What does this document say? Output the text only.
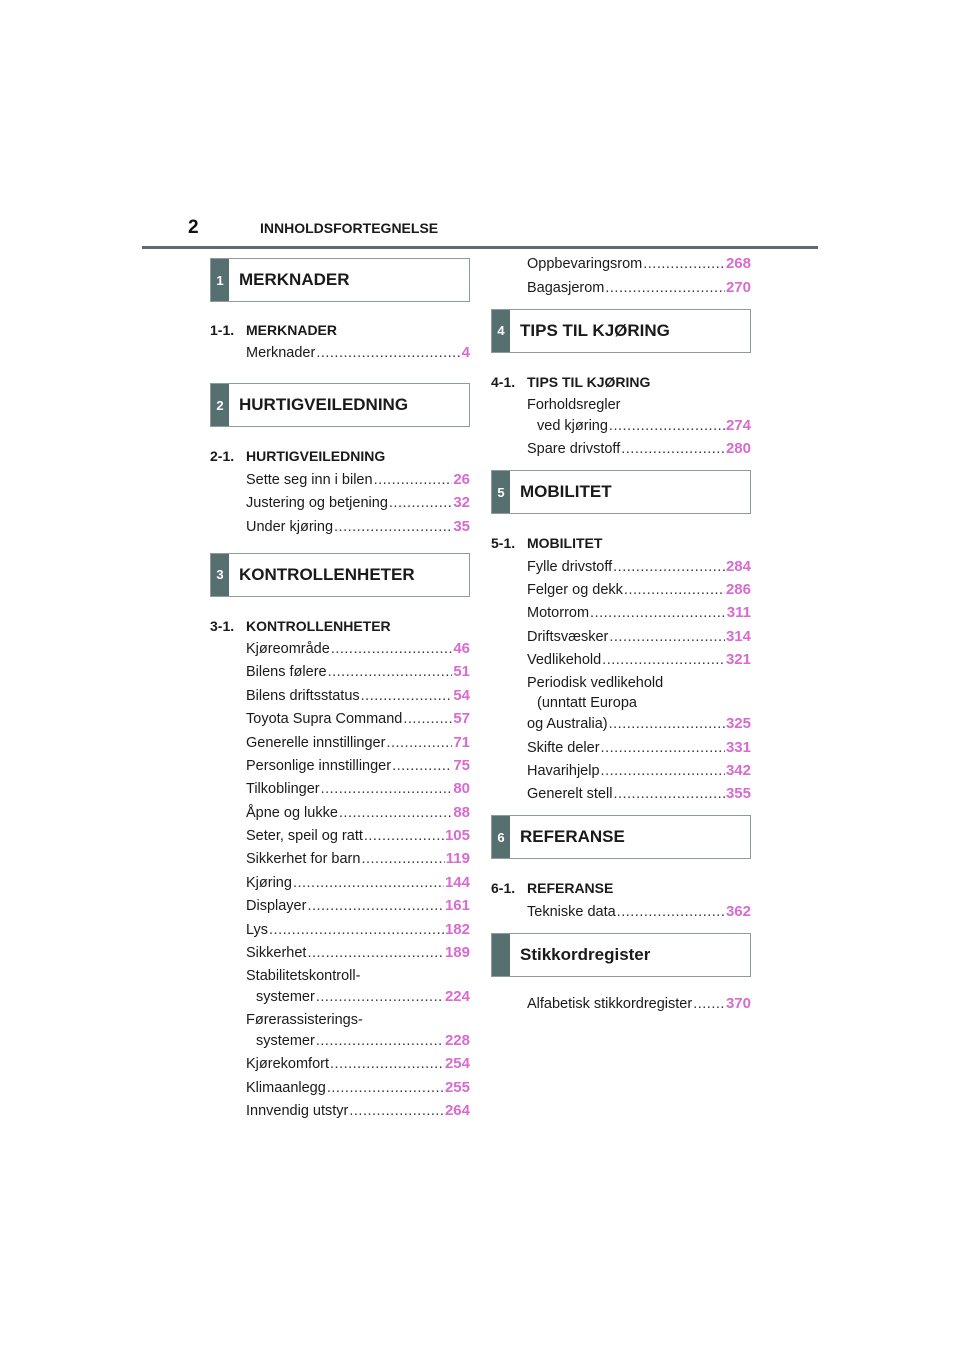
2	INNHOLDSFORTEGNELSE
1 MERKNADER
1-1. MERKNADER
Merknader .....	4
2 HURTIGVEILEDNING
2-1. HURTIGVEILEDNING
Sette seg inn i bilen .....	26
Justering og betjening .....	32
Under kjøring .....	35
3 KONTROLLENHETER
3-1. KONTROLLENHETER
Kjøreområde .....	46
Bilens følere .....	51
Bilens driftsstatus .....	54
Toyota Supra Command .....	57
Generelle innstillinger .....	71
Personlige innstillinger .....	75
Tilkoblinger .....	80
Åpne og lukke .....	88
Seter, speil og ratt .....	105
Sikkerhet for barn .....	119
Kjøring .....	144
Displayer .....	161
Lys .....	182
Sikkerhet .....	189
Stabilitetskontroll-
systemer .....	224
Førerassisterings-
systemer .....	228
Kjørekomfort .....	254
Klimaanlegg .....	255
Innvendig utstyr .....	264
Oppbevaringsrom .....	268
Bagasjerom .....	270
4 TIPS TIL KJØRING
4-1. TIPS TIL KJØRING
Forholdsregler
ved kjøring .....	274
Spare drivstoff .....	280
5 MOBILITET
5-1. MOBILITET
Fylle drivstoff .....	284
Felger og dekk .....	286
Motorrom .....	311
Driftsvæsker .....	314
Vedlikehold .....	321
Periodisk vedlikehold
(unntatt Europa
og Australia) .....	325
Skifte deler .....	331
Havarihjelp .....	342
Generelt stell .....	355
6 REFERANSE
6-1. REFERANSE
Tekniske data .....	362
Stikkordregister
Alfabetisk stikkordregister ..... 370
